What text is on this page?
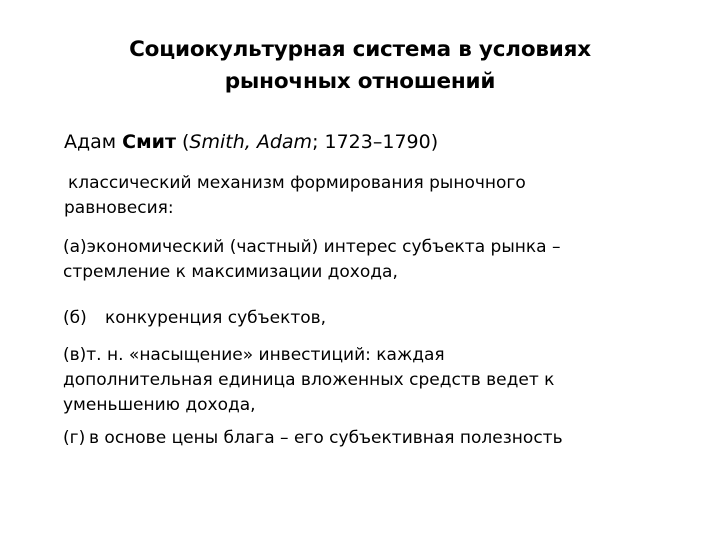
Социокультурная система в условиях
рыночных отношений
Адам Смит (Smith, Adam; 1723–1790)
классический механизм формирования рыночного
равновесия:
(а)экономический (частный) интерес субъекта рынка –
стремление к максимизации дохода,
(б) конкуренция субъектов,
(в)т. н. «насыщение» инвестиций: каждая
дополнительная единица вложенных средств ведет к
уменьшению дохода,
(г) в основе цены блага – его субъективная полезность
